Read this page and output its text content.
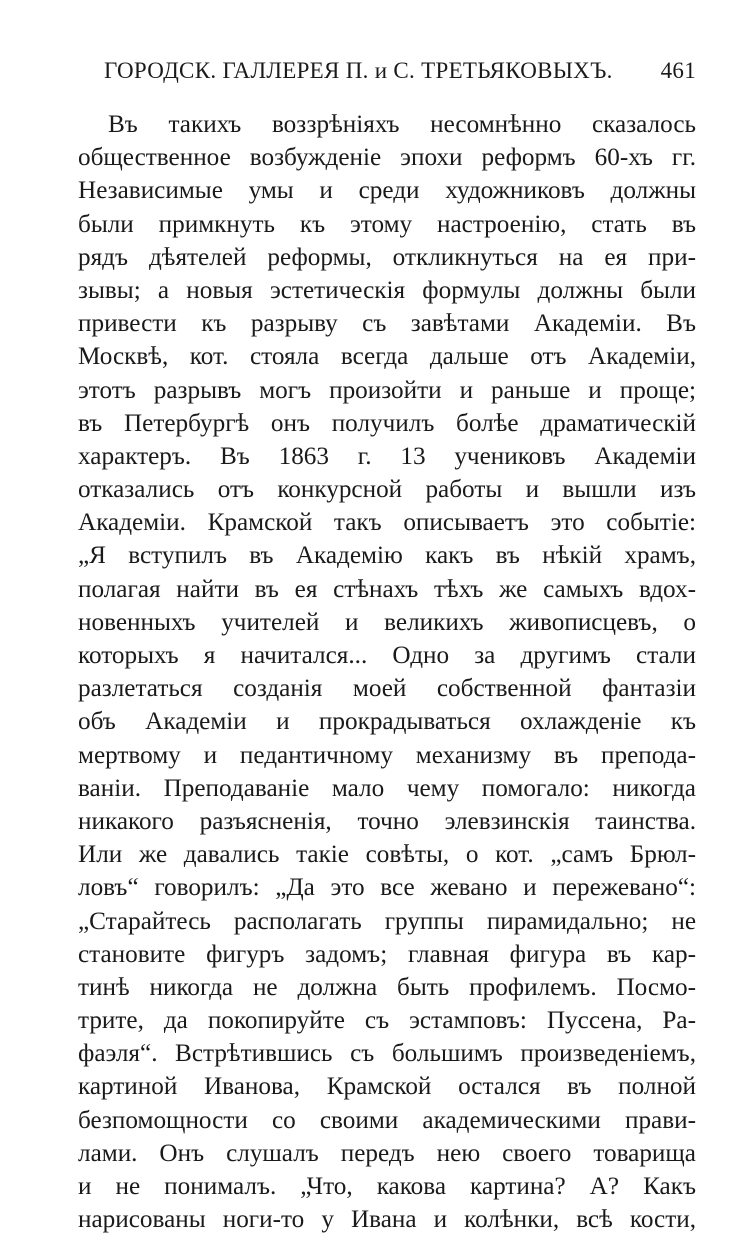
ГОРОДСК. ГАЛЛЕРЕЯ П. и С. ТРЕТЬЯКОВЫХЪ. 461
Въ такихъ воззрѣніяхъ несомнѣнно сказалось
общественное возбужденіе эпохи реформъ 60-хъ гг.
Независимые умы и среди художниковъ должны
были примкнуть къ этому настроенію, стать въ
рядъ дѣятелей реформы, откликнуться на ея при-
зывы; а новыя эстетическія формулы должны были
привести къ разрыву съ завѣтами Академіи. Въ
Москвѣ, кот. стояла всегда дальше отъ Академіи,
этотъ разрывъ могъ произойти и раньше и проще;
въ Петербургѣ онъ получилъ болѣе драматическій
характеръ. Въ 1863 г. 13 учениковъ Академіи
отказались отъ конкурсной работы и вышли изъ
Академіи. Крамской такъ описываетъ это событіе:
„Я вступилъ въ Академію какъ въ нѣкій храмъ,
полагая найти въ ея стѣнахъ тѣхъ же самыхъ вдох-
новенныхъ учителей и великихъ живописцевъ, о
которыхъ я начитался... Одно за другимъ стали
разлетаться созданія моей собственной фантазіи
объ Академіи и прокрадываться охлажденіе къ
мертвому и педантичному механизму въ препода-
ваніи. Преподаваніе мало чему помогало: никогда
никакого разъясненія, точно элевзинскія таинства.
Или же давались такіе совѣты, о кот. „самъ Брюл-
ловъ“ говорилъ: „Да это все жевано и пережевано“:
„Старайтесь располагать группы пирамидально; не
становите фигуръ задомъ; главная фигура въ кар-
тинѣ никогда не должна быть профилемъ. Посмо-
трите, да покопируйте съ эстамповъ: Пуссена, Ра-
фаэля“. Встрѣтившись съ большимъ произведеніемъ,
картиной Иванова, Крамской остался въ полной
безпомощности со своими академическими прави-
лами. Онъ слушалъ передъ нею своего товарища
и не понималъ. „Что, какова картина? А? Какъ
нарисованы ноги-то у Ивана и колѣнки, всѣ кости,
